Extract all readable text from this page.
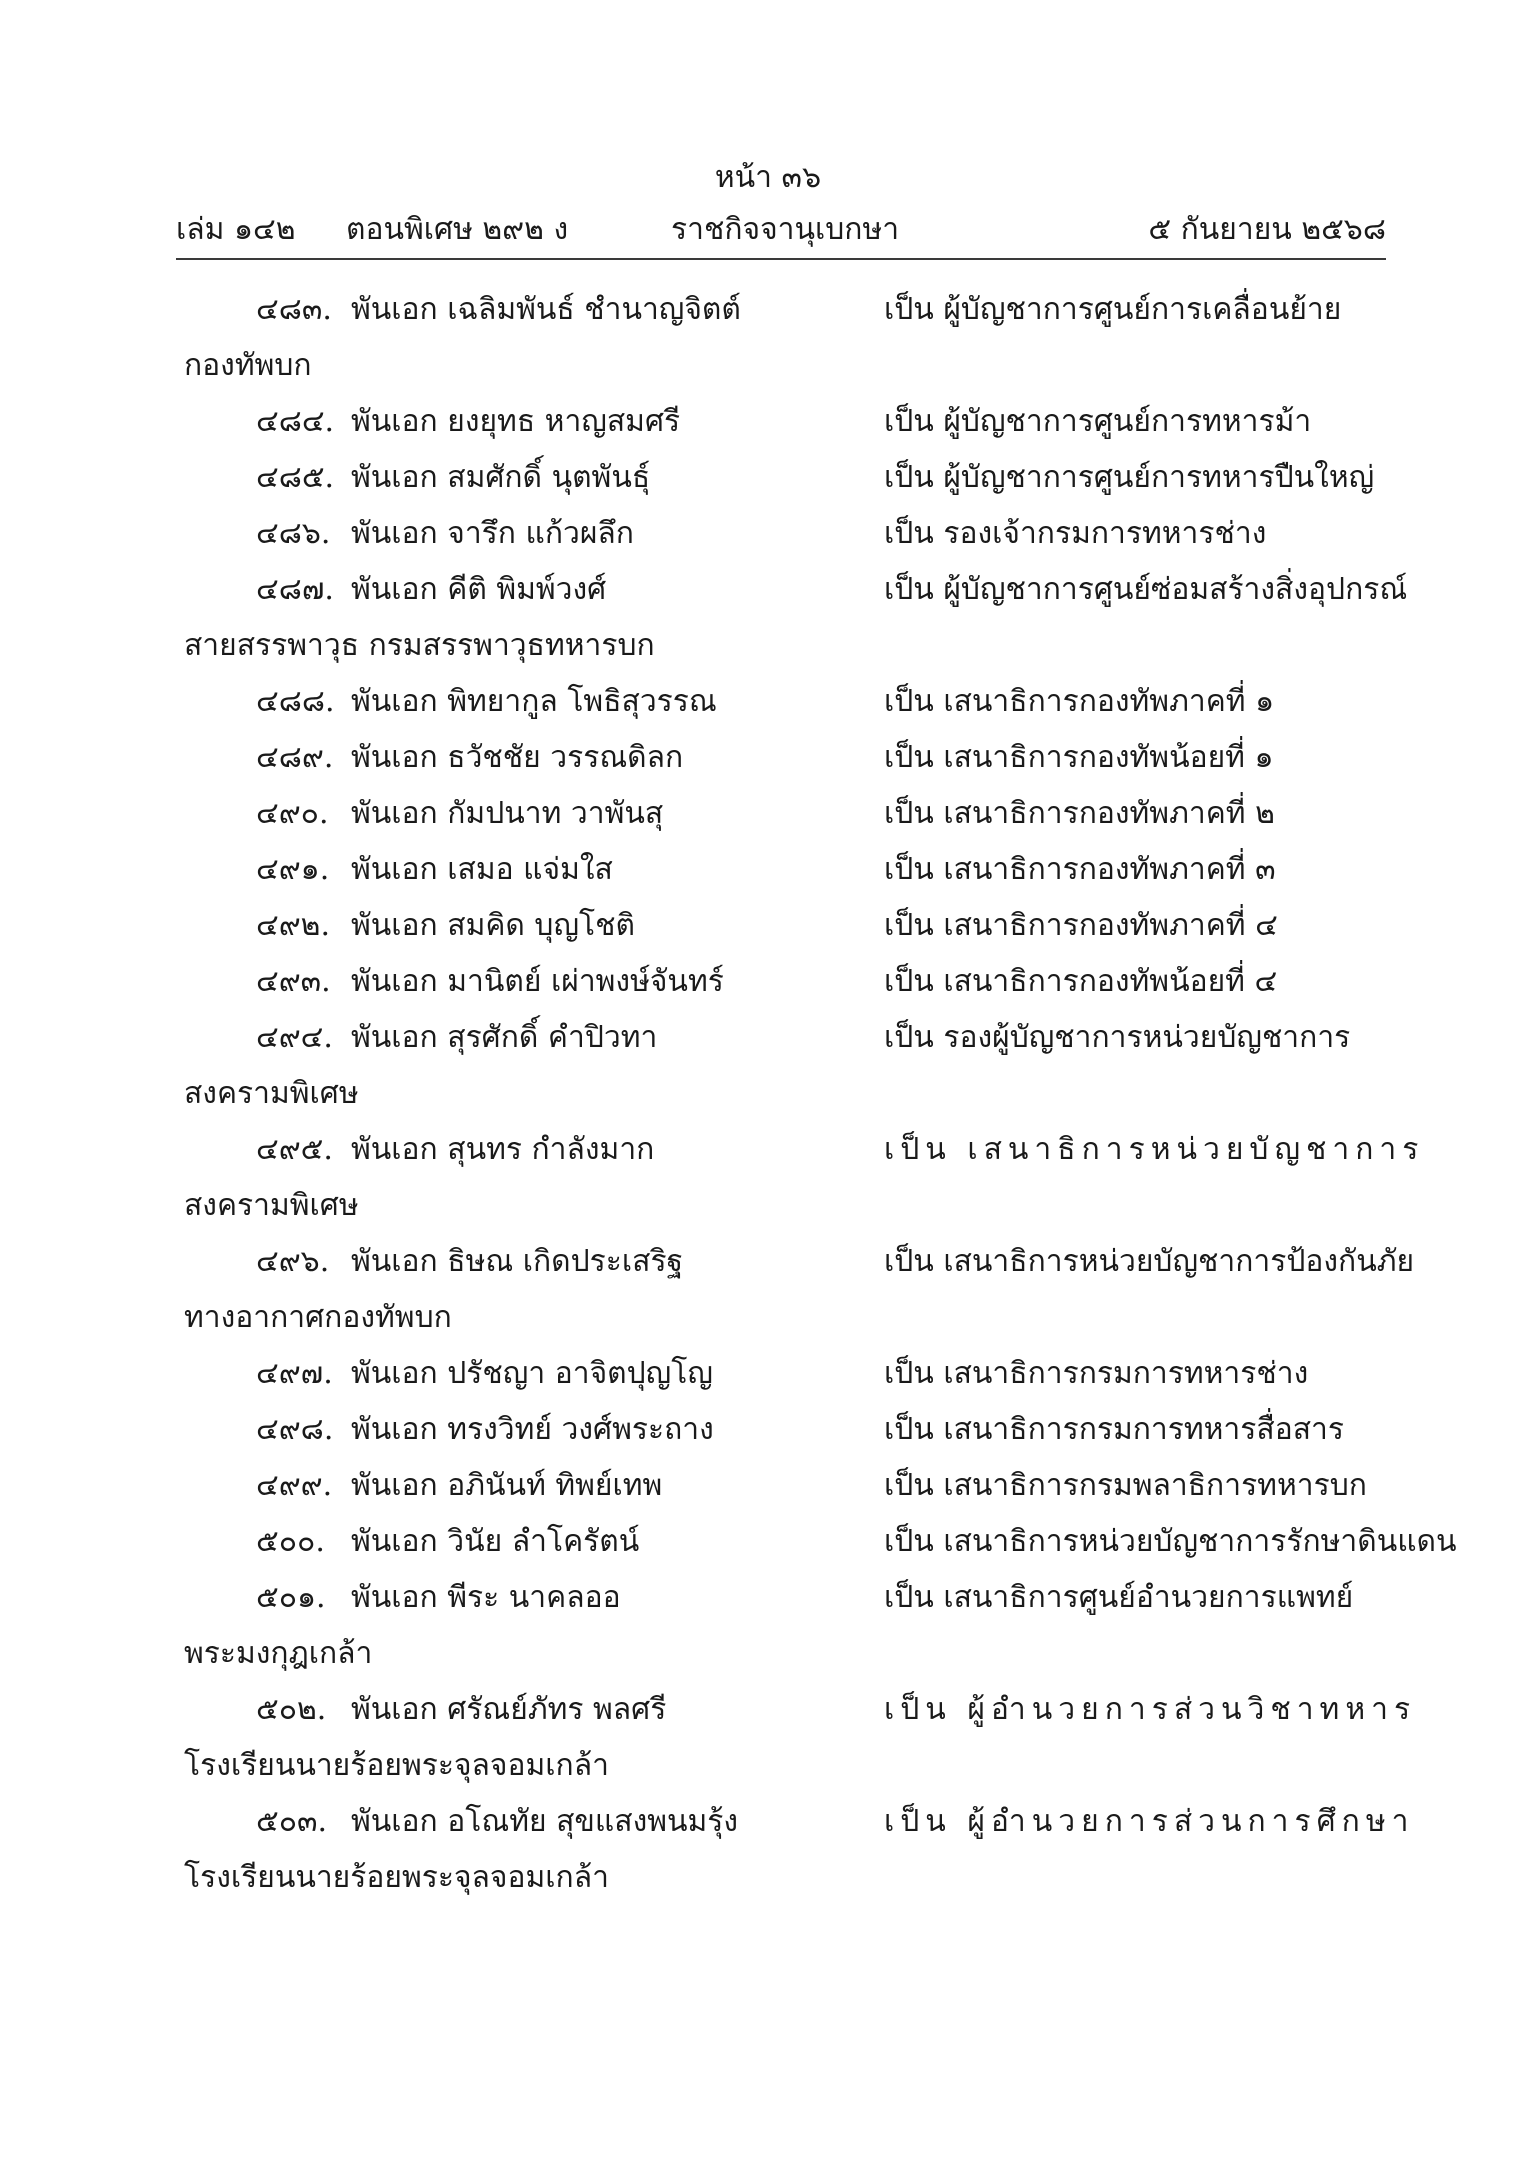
หน้า ๓๖
เล่ม ๑๔๒ ตอนพิเศษ ๒๙๒ ง	ราชกิจจานุเบกษา	๕ กันยายน ๒๕๖๘
๔๘๓. พันเอก เฉลิมพันธ์ ชำนาญจิตต์	เป็น ผู้บัญชาการศูนย์การเคลื่อนย้าย
กองทัพบก
๔๘๔. พันเอก ยงยุทธ หาญสมศรี	เป็น ผู้บัญชาการศูนย์การทหารม้า
๔๘๕. พันเอก สมศักดิ์ นุตพันธุ์	เป็น ผู้บัญชาการศูนย์การทหารปืนใหญ่
๔๘๖. พันเอก จารึก แก้วผลึก	เป็น รองเจ้ากรมการทหารช่าง
๔๘๗. พันเอก คีติ พิมพ์วงศ์	เป็น ผู้บัญชาการศูนย์ซ่อมสร้างสิ่งอุปกรณ์
สายสรรพาวุธ กรมสรรพาวุธทหารบก
๔๘๘. พันเอก พิทยากูล โพธิสุวรรณ	เป็น เสนาธิการกองทัพภาคที่ ๑
๔๘๙. พันเอก ธวัชชัย วรรณดิลก	เป็น เสนาธิการกองทัพน้อยที่ ๑
๔๙๐. พันเอก กัมปนาท วาพันสุ	เป็น เสนาธิการกองทัพภาคที่ ๒
๔๙๑. พันเอก เสมอ แจ่มใส	เป็น เสนาธิการกองทัพภาคที่ ๓
๔๙๒. พันเอก สมคิด บุญโชติ	เป็น เสนาธิการกองทัพภาคที่ ๔
๔๙๓. พันเอก มานิตย์ เผ่าพงษ์จันทร์	เป็น เสนาธิการกองทัพน้อยที่ ๔
๔๙๔. พันเอก สุรศักดิ์ คำปิวทา	เป็น รองผู้บัญชาการหน่วยบัญชาการ
สงครามพิเศษ
๔๙๕. พันเอก สุนทร กำลังมาก	เป็น เสนาธิการหน่วยบัญชาการ
สงครามพิเศษ
๔๙๖. พันเอก ธิษณ เกิดประเสริฐ	เป็น เสนาธิการหน่วยบัญชาการป้องกันภัย
ทางอากาศกองทัพบก
๔๙๗. พันเอก ปรัชญา อาจิตปุญโญ	เป็น เสนาธิการกรมการทหารช่าง
๔๙๘. พันเอก ทรงวิทย์ วงศ์พระถาง	เป็น เสนาธิการกรมการทหารสื่อสาร
๔๙๙. พันเอก อภินันท์ ทิพย์เทพ	เป็น เสนาธิการกรมพลาธิการทหารบก
๕๐๐. พันเอก วินัย ลำโครัตน์	เป็น เสนาธิการหน่วยบัญชาการรักษาดินแดน
๕๐๑. พันเอก พีระ นาคลออ	เป็น เสนาธิการศูนย์อำนวยการแพทย์
พระมงกุฎเกล้า
๕๐๒. พันเอก ศรัณย์ภัทร พลศรี	เป็น ผู้อำนวยการส่วนวิชาทหาร
โรงเรียนนายร้อยพระจุลจอมเกล้า
๕๐๓. พันเอก อโณทัย สุขแสงพนมรุ้ง	เป็น ผู้อำนวยการส่วนการศึกษา
โรงเรียนนายร้อยพระจุลจอมเกล้า
